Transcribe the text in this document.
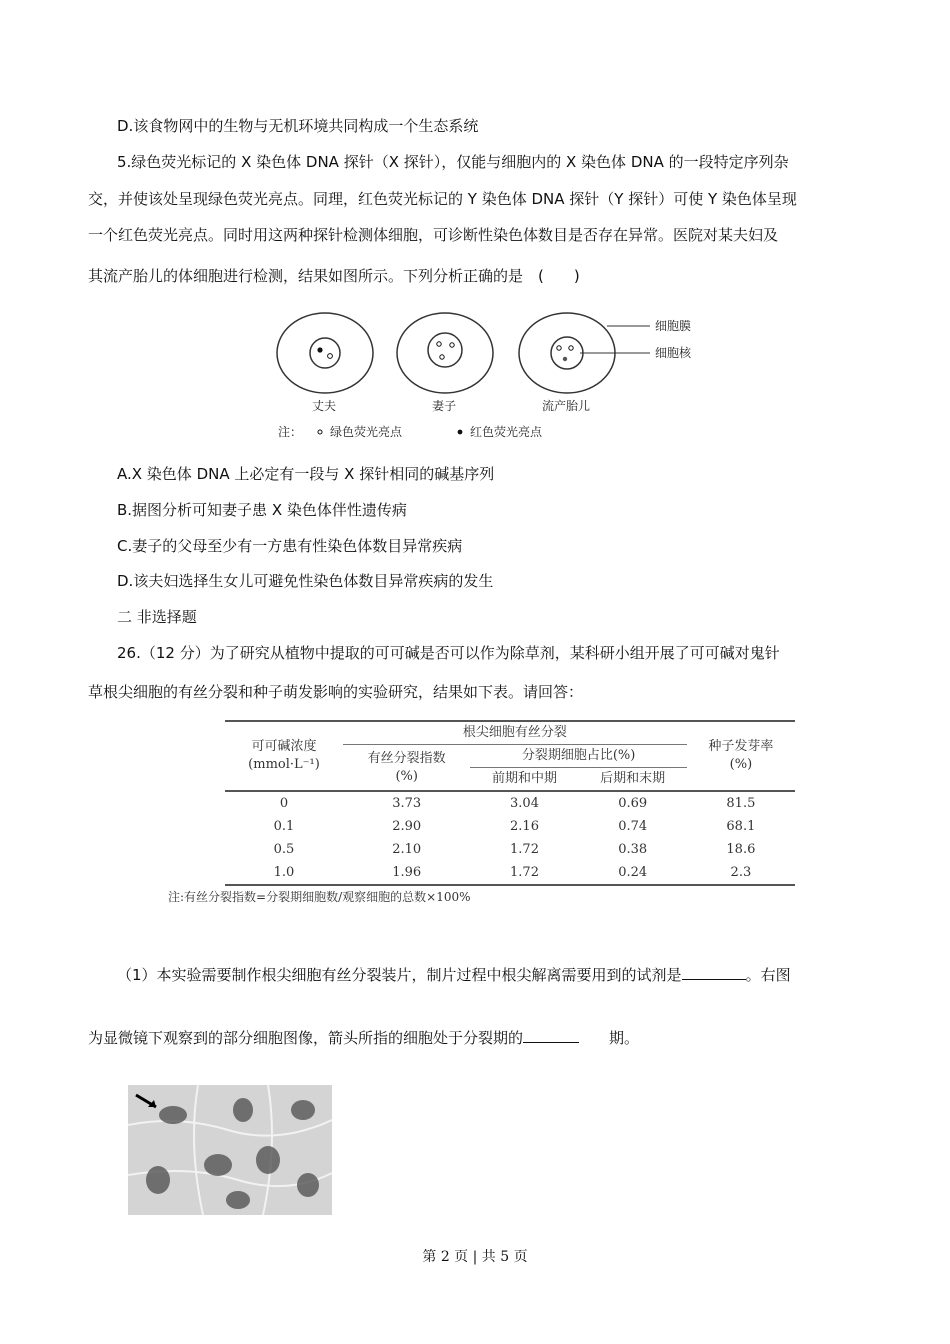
D.该食物网中的生物与无机环境共同构成一个生态系统
5.绿色荧光标记的 X 染色体 DNA 探针（X 探针），仅能与细胞内的 X 染色体 DNA 的一段特定序列杂
交，并使该处呈现绿色荧光亮点。同理，红色荧光标记的 Y 染色体 DNA 探针（Y 探针）可使 Y 染色体呈现
一个红色荧光亮点。同时用这两种探针检测体细胞，可诊断性染色体数目是否存在异常。医院对某夫妇及
其流产胎儿的体细胞进行检测，结果如图所示。下列分析正确的是　(　　)
细胞膜
细胞核
丈夫	妻子	流产胎儿
注： 绿色荧光亮点	红色荧光亮点
A.X 染色体 DNA 上必定有一段与 X 探针相同的碱基序列
B.据图分析可知妻子患 X 染色体伴性遗传病
C.妻子的父母至少有一方患有性染色体数目异常疾病
D.该夫妇选择生女儿可避免性染色体数目异常疾病的发生
二 非选择题
26.（12 分）为了研究从植物中提取的可可碱是否可以作为除草剂，某科研小组开展了可可碱对鬼针
草根尖细胞的有丝分裂和种子萌发影响的实验研究，结果如下表。请回答：
可可碱浓度
(mmol·L⁻¹)	根尖细胞有丝分裂			种子发芽率
(%)
	有丝分裂指数
(%)	分裂期细胞占比(%)		
		前期和中期	后期和末期	
0	3.73	3.04	0.69	81.5
0.1	2.90	2.16	0.74	68.1
0.5	2.10	1.72	0.38	18.6
1.0	1.96	1.72	0.24	2.3
注:有丝分裂指数=分裂期细胞数/观察细胞的总数×100%
（1）本实验需要制作根尖细胞有丝分裂装片，制片过程中根尖解离需要用到的试剂是	。右图
为显微镜下观察到的部分细胞图像，箭头所指的细胞处于分裂期的	期。
第 2 页 | 共 5 页
